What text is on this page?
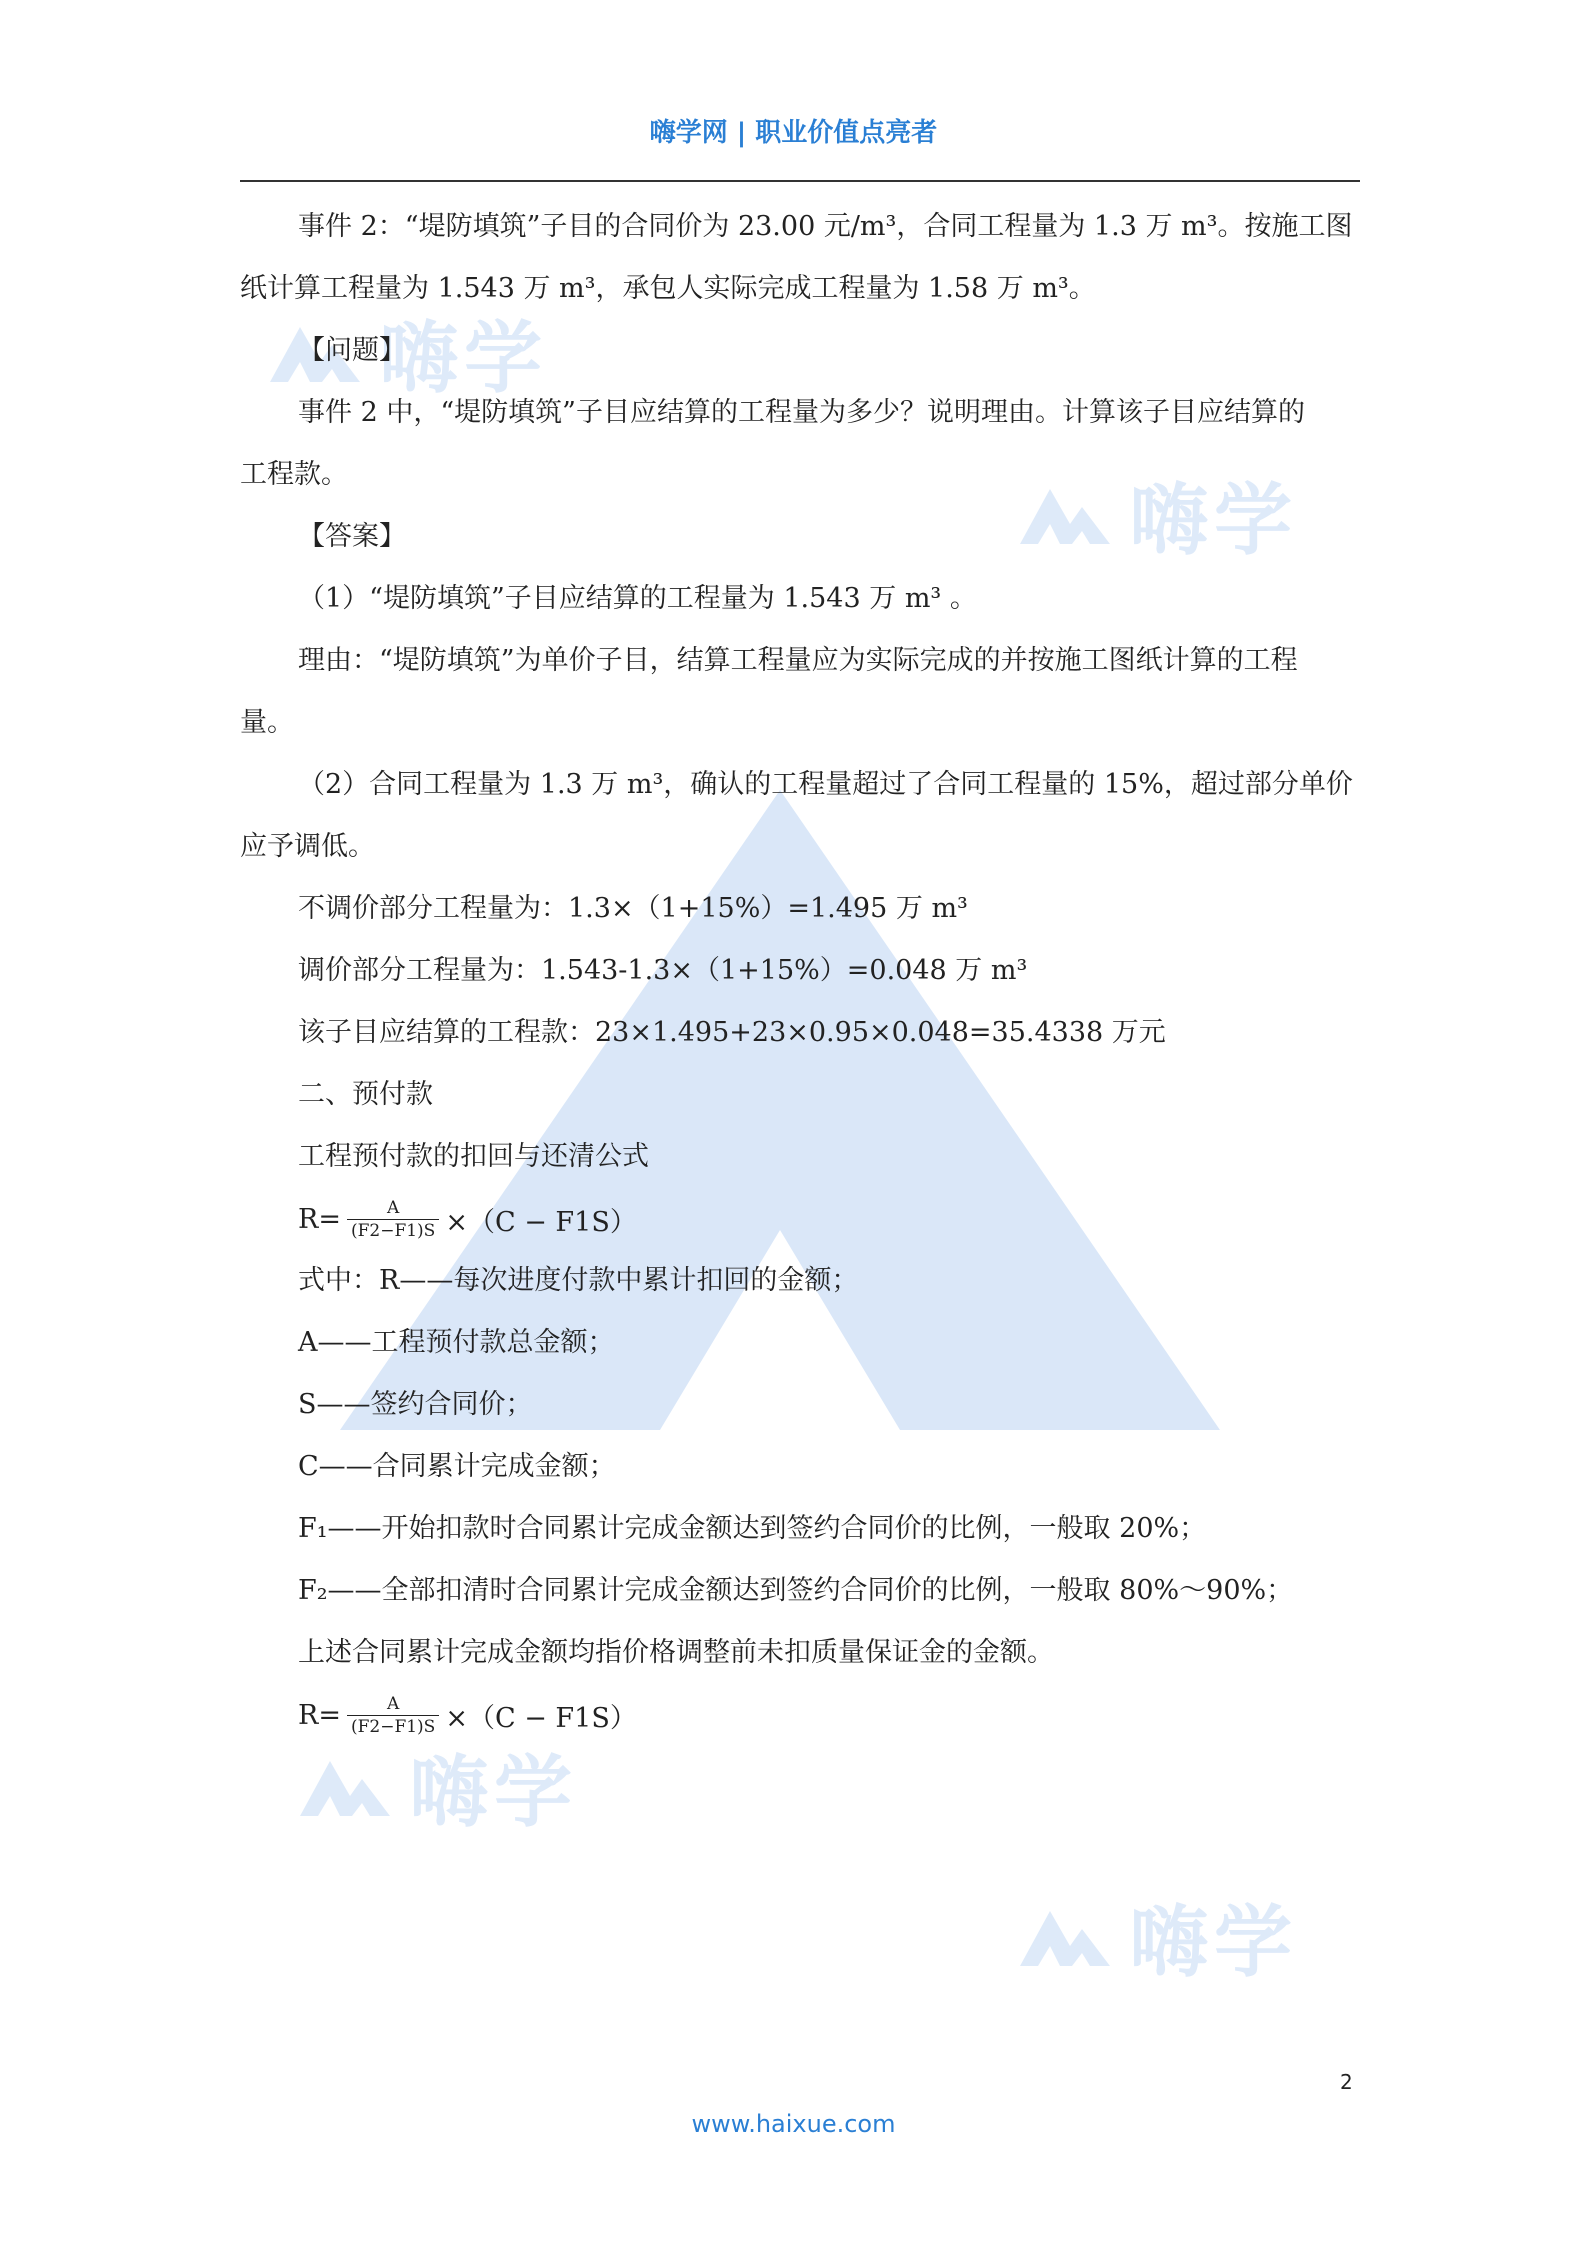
嗨学
嗨学
嗨学
嗨学
嗨学网 | 职业价值点亮者

事件 2：“堤防填筑”子目的合同价为 23.00 元/m³，合同工程量为 1.3 万 m³。按施工图

纸计算工程量为 1.543 万 m³，承包人实际完成工程量为 1.58 万 m³。

【问题】

事件 2 中，“堤防填筑”子目应结算的工程量为多少？说明理由。计算该子目应结算的

工程款。

【答案】

（1）“堤防填筑”子目应结算的工程量为 1.543 万 m³ 。

理由：“堤防填筑”为单价子目，结算工程量应为实际完成的并按施工图纸计算的工程

量。

（2）合同工程量为 1.3 万 m³，确认的工程量超过了合同工程量的 15%，超过部分单价

应予调低。

不调价部分工程量为：1.3×（1+15%）=1.495 万 m³

调价部分工程量为：1.543-1.3×（1+15%）=0.048 万 m³

该子目应结算的工程款：23×1.495+23×0.95×0.048=35.4338 万元

二、预付款

工程预付款的扣回与还清公式

$R= \frac{A}{(F2-F1)S} \times(C - F1S)$

式中：R——每次进度付款中累计扣回的金额；

A——工程预付款总金额；

S——签约合同价；

C——合同累计完成金额；

F₁——开始扣款时合同累计完成金额达到签约合同价的比例，一般取 20%；

F₂——全部扣清时合同累计完成金额达到签约合同价的比例，一般取 80%～90%；

上述合同累计完成金额均指价格调整前未扣质量保证金的金额。

$R= \frac{A}{(F2-F1)S} \times(C - F1S)$
2
www.haixue.com
